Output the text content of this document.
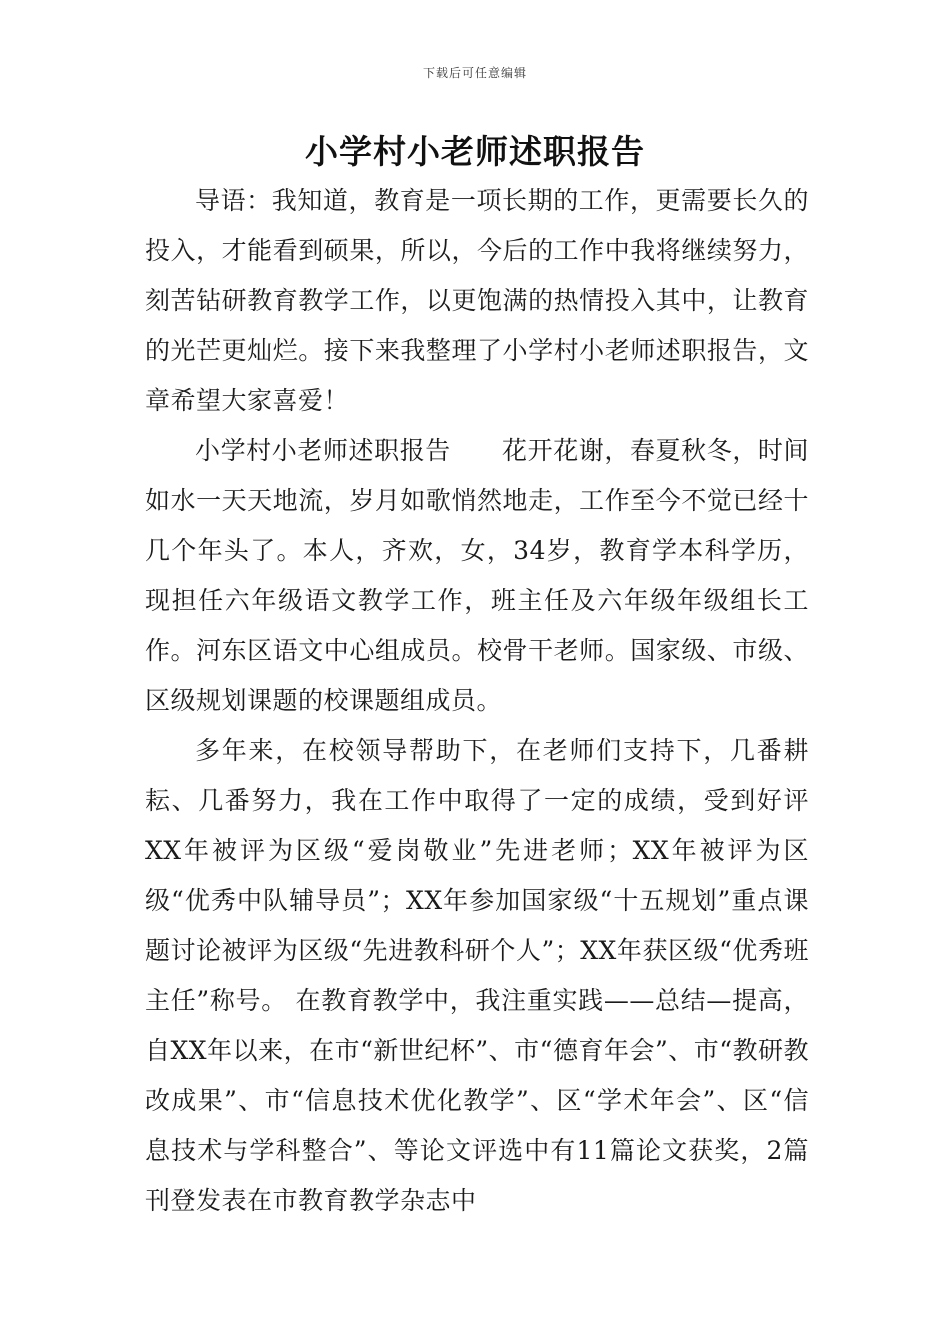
下载后可任意编辑
小学村小老师述职报告

导语：我知道，教育是一项长期的工作，更需要长久的投入，才能看到硕果，所以，今后的工作中我将继续努力，刻苦钻研教育教学工作，以更饱满的热情投入其中，让教育的光芒更灿烂。接下来我整理了小学村小老师述职报告，文章希望大家喜爱！

小学村小老师述职报告　　花开花谢，春夏秋冬，时间如水一天天地流，岁月如歌悄然地走，工作至今不觉已经十几个年头了。本人，齐欢，女，34岁，教育学本科学历，现担任六年级语文教学工作，班主任及六年级年级组长工作。河东区语文中心组成员。校骨干老师。国家级、市级、区级规划课题的校课题组成员。

多年来，在校领导帮助下，在老师们支持下，几番耕耘、几番努力，我在工作中取得了一定的成绩，受到好评XX年被评为区级“爱岗敬业”先进老师；XX年被评为区级“优秀中队辅导员”；XX年参加国家级“十五规划”重点课题讨论被评为区级“先进教科研个人”；XX年获区级“优秀班主任”称号。 在教育教学中，我注重实践——总结—提高，自XX年以来，在市“新世纪杯”、市“德育年会”、市“教研教改成果”、市“信息技术优化教学”、区“学术年会”、区“信息技术与学科整合”、等论文评选中有11篇论文获奖，2篇刊登发表在市教育教学杂志中
